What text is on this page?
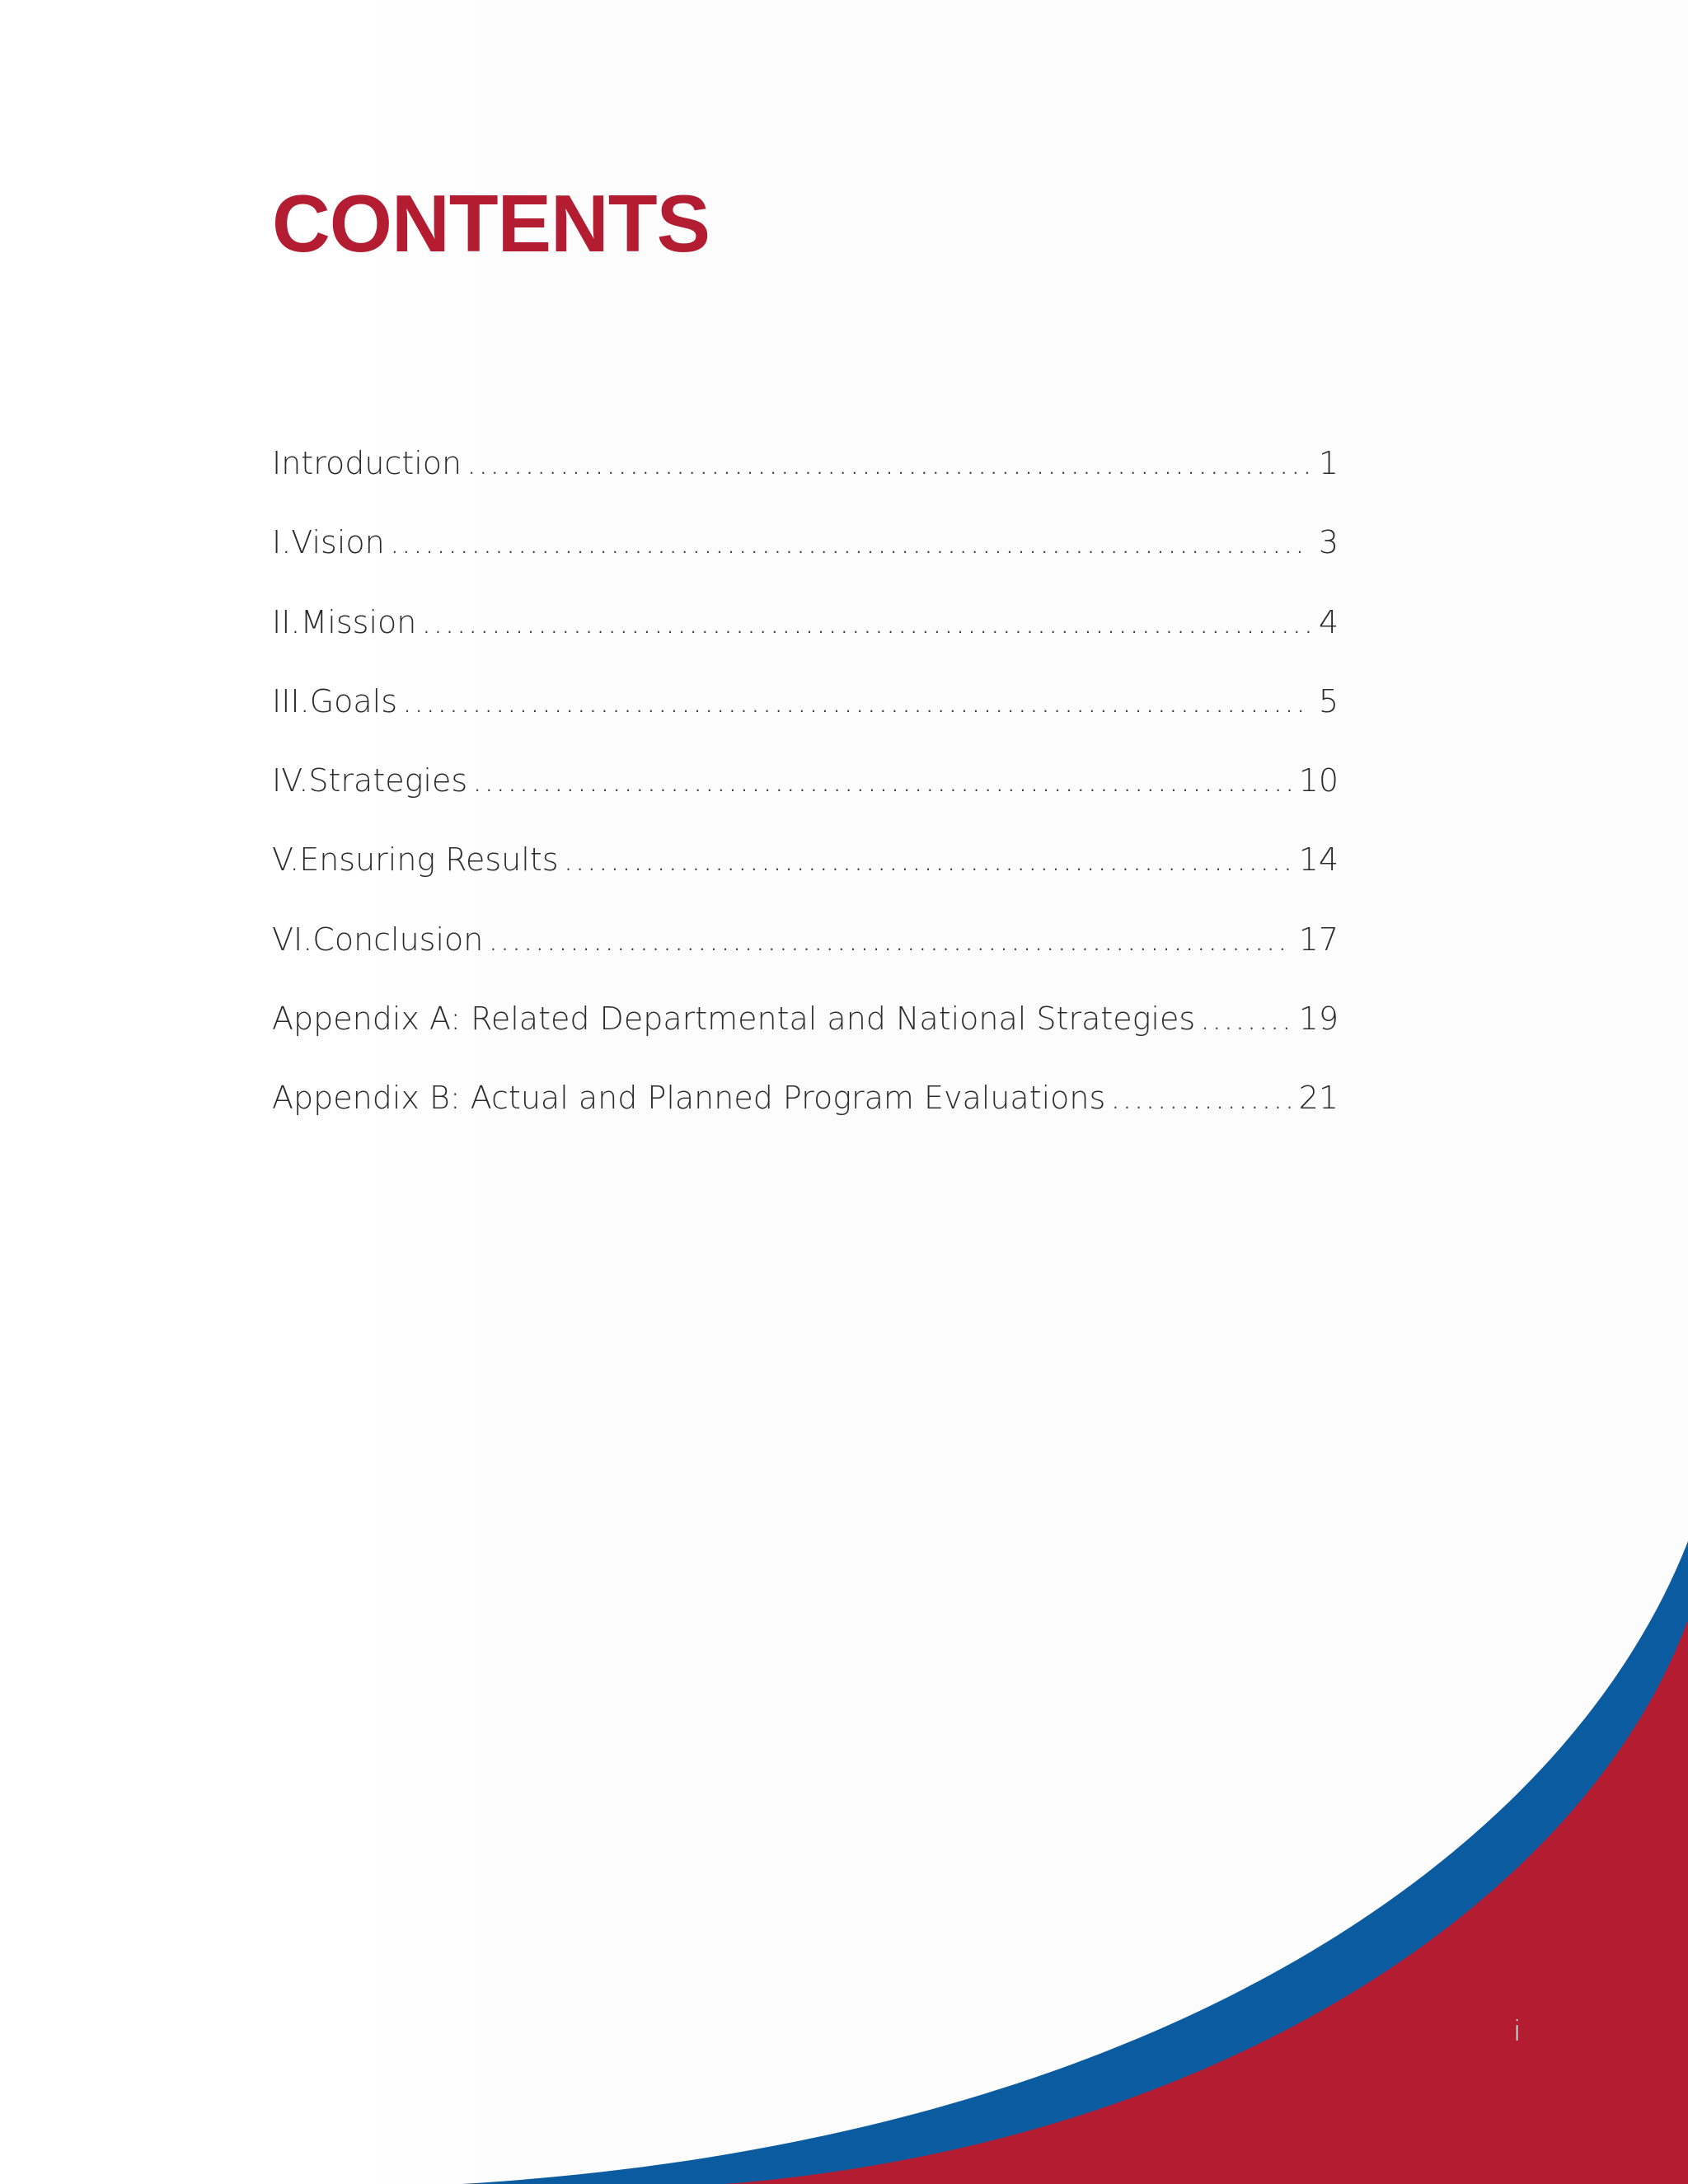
CONTENTS
Introduction .....	1
I. Vision .....	3
II. Mission .....	4
III. Goals .....	5
IV. Strategies .....	10
V. Ensuring Results .....	14
VI. Conclusion .....	17
Appendix A: Related Departmental and National Strategies .....	19
Appendix B: Actual and Planned Program Evaluations .....	21
i
